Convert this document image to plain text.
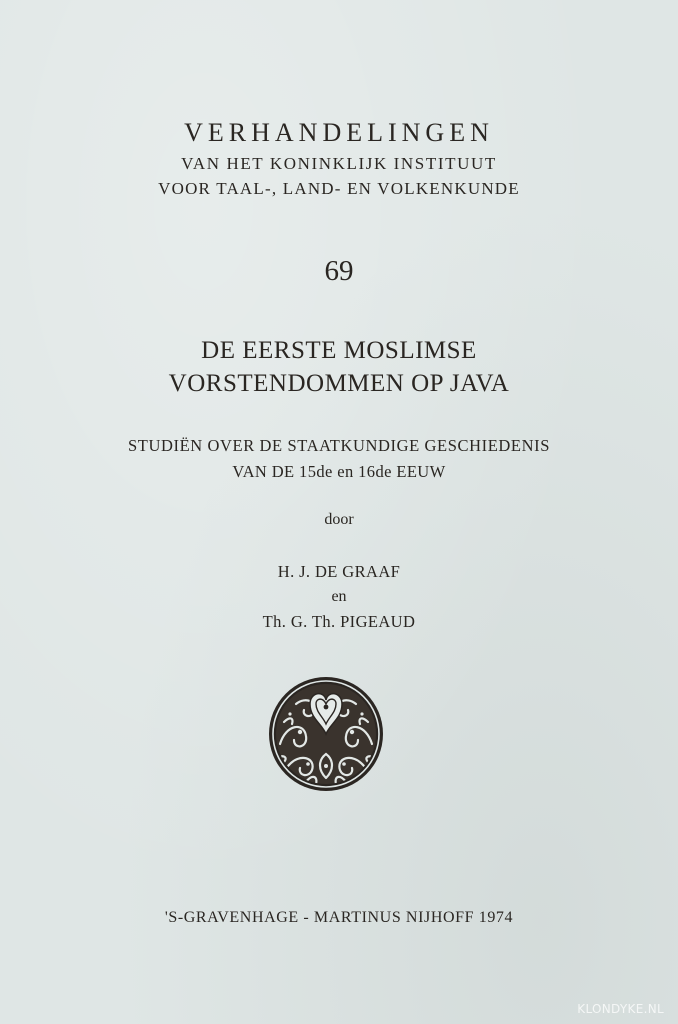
VERHANDELINGEN
VAN HET KONINKLIJK INSTITUUT
VOOR TAAL-, LAND- EN VOLKENKUNDE
69
DE EERSTE MOSLIMSE
VORSTENDOMMEN OP JAVA
STUDIËN OVER DE STAATKUNDIGE GESCHIEDENIS
VAN DE 15de en 16de EEUW
door
H. J. DE GRAAF
en
Th. G. Th. PIGEAUD
'S-GRAVENHAGE - MARTINUS NIJHOFF 1974
KLONDYKE.NL
